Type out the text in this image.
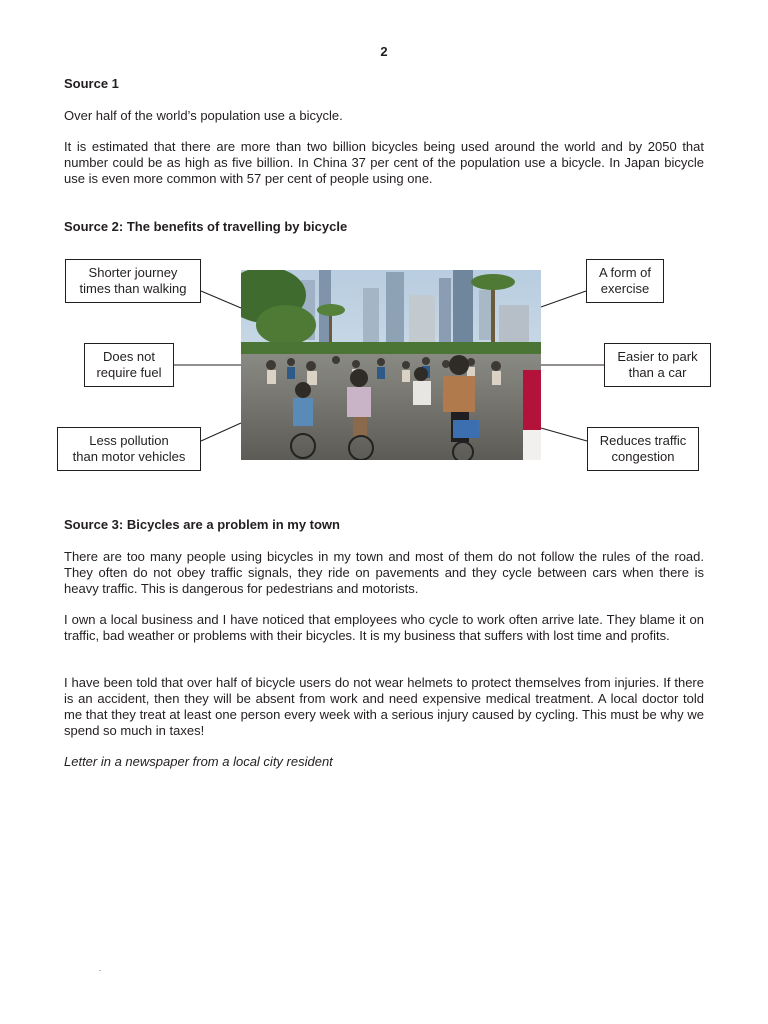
2

Source 1

Over half of the world’s population use a bicycle.

It is estimated that there are more than two billion bicycles being used around the world and by 2050 that number could be as high as five billion. In China 37 per cent of the population use a bicycle. In Japan bicycle use is even more common with 57 per cent of people using one.

Source 2: The benefits of travelling by bicycle

Shorter journey
times than walking
Does not
require fuel
Less pollution
than motor vehicles
A form of
exercise
Easier to park
than a car
Reduces traffic
congestion

Source 3: Bicycles are a problem in my town

There are too many people using bicycles in my town and most of them do not follow the rules of the road. They often do not obey traffic signals, they ride on pavements and they cycle between cars when there is heavy traffic. This is dangerous for pedestrians and motorists.

I own a local business and I have noticed that employees who cycle to work often arrive late. They blame it on traffic, bad weather or problems with their bicycles. It is my business that suffers with lost time and profits.

I have been told that over half of bicycle users do not wear helmets to protect themselves from injuries. If there is an accident, then they will be absent from work and need expensive medical treatment. A local doctor told me that they treat at least one person every week with a serious injury caused by cycling. This must be why we spend so much in taxes!

Letter in a newspaper from a local city resident
